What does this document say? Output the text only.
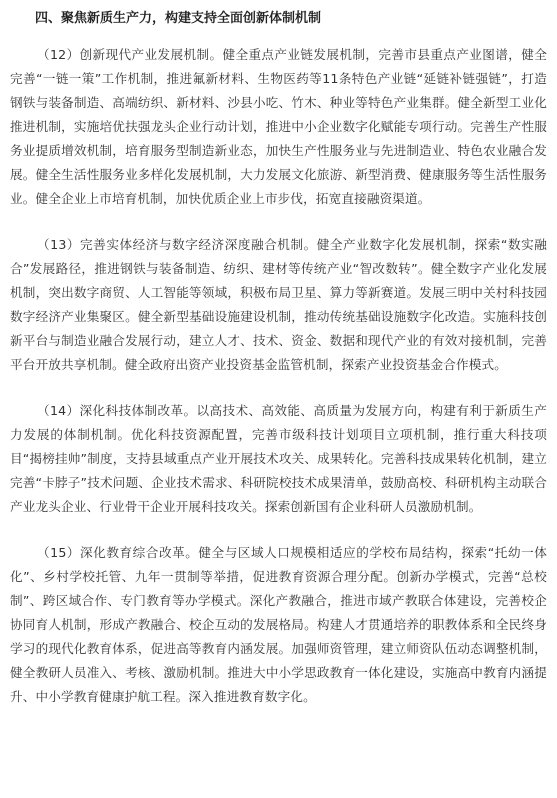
四、聚焦新质生产力，构建支持全面创新体制机制

（12）创新现代产业发展机制。健全重点产业链发展机制，完善市县重点产业图谱，健全完善“一链一策”工作机制，推进氟新材料、生物医药等11条特色产业链“延链补链强链”，打造钢铁与装备制造、高端纺织、新材料、沙县小吃、竹木、种业等特色产业集群。健全新型工业化推进机制，实施培优扶强龙头企业行动计划，推进中小企业数字化赋能专项行动。完善生产性服务业提质增效机制，培育服务型制造新业态，加快生产性服务业与先进制造业、特色农业融合发展。健全生活性服务业多样化发展机制，大力发展文化旅游、新型消费、健康服务等生活性服务业。健全企业上市培育机制，加快优质企业上市步伐，拓宽直接融资渠道。

（13）完善实体经济与数字经济深度融合机制。健全产业数字化发展机制，探索“数实融合”发展路径，推进钢铁与装备制造、纺织、建材等传统产业“智改数转”。健全数字产业化发展机制，突出数字商贸、人工智能等领域，积极布局卫星、算力等新赛道。发展三明中关村科技园数字经济产业集聚区。健全新型基础设施建设机制，推动传统基础设施数字化改造。实施科技创新平台与制造业融合发展行动，建立人才、技术、资金、数据和现代产业的有效对接机制，完善平台开放共享机制。健全政府出资产业投资基金监管机制，探索产业投资基金合作模式。

（14）深化科技体制改革。以高技术、高效能、高质量为发展方向，构建有利于新质生产力发展的体制机制。优化科技资源配置，完善市级科技计划项目立项机制，推行重大科技项目“揭榜挂帅”制度，支持县域重点产业开展技术攻关、成果转化。完善科技成果转化机制，建立完善“卡脖子”技术问题、企业技术需求、科研院校技术成果清单，鼓励高校、科研机构主动联合产业龙头企业、行业骨干企业开展科技攻关。探索创新国有企业科研人员激励机制。

（15）深化教育综合改革。健全与区域人口规模相适应的学校布局结构，探索“托幼一体化”、乡村学校托管、九年一贯制等举措，促进教育资源合理分配。创新办学模式，完善“总校制”、跨区域合作、专门教育等办学模式。深化产教融合，推进市域产教联合体建设，完善校企协同育人机制，形成产教融合、校企互动的发展格局。构建人才贯通培养的职教体系和全民终身学习的现代化教育体系，促进高等教育内涵发展。加强师资管理，建立师资队伍动态调整机制，健全教研人员准入、考核、激励机制。推进大中小学思政教育一体化建设，实施高中教育内涵提升、中小学教育健康护航工程。深入推进教育数字化。
